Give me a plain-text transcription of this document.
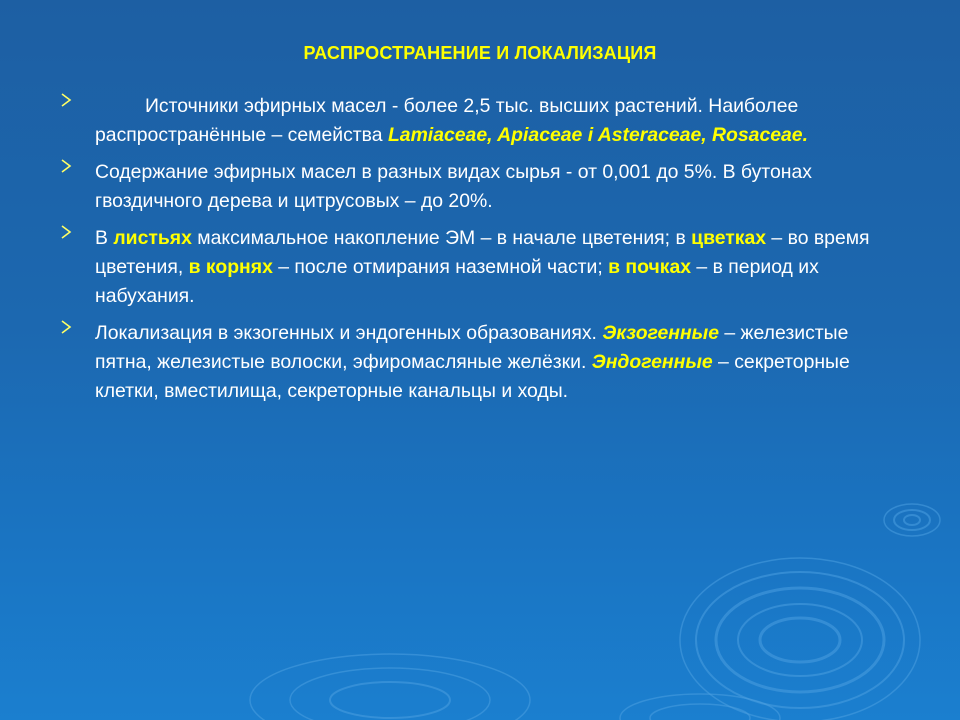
РАСПРОСТРАНЕНИЕ И ЛОКАЛИЗАЦИЯ
Источники эфирных масел - более 2,5 тыс. высших растений. Наиболее распространённые – семейства Lamiaceae, Apiaceae i Asteraceae, Rosaceae.
Содержание эфирных масел в разных видах сырья - от 0,001 до 5%. В бутонах гвоздичного дерева и цитрусовых – до 20%.
В листьях максимальное накопление ЭМ – в начале цветения; в цветках – во время цветения, в корнях – после отмирания наземной части; в почках – в период их набухания.
Локализация в экзогенных и эндогенных образованиях. Экзогенные – железистые пятна, железистые волоски, эфиромасляные желёзки. Эндогенные – секреторные клетки, вместилища, секреторные канальцы и ходы.
